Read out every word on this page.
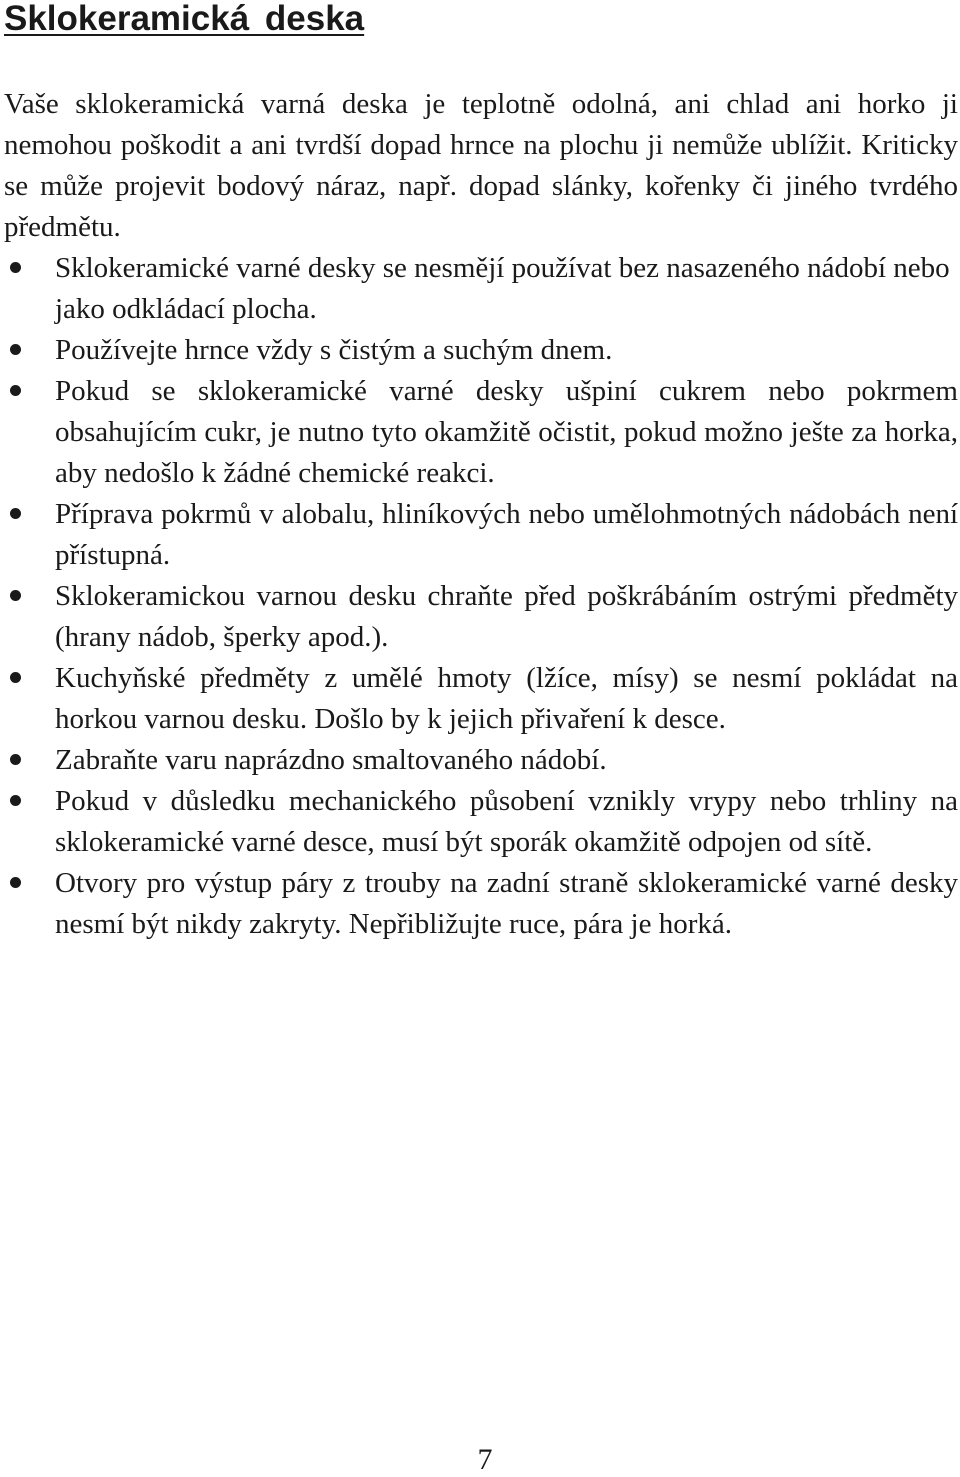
Sklokeramická deska

Vaše sklokeramická varná deska je teplotně odolná, ani chlad ani horko ji nemohou poškodit a ani tvrdší dopad hrnce na plochu ji nemůže ublížit. Kriticky se může projevit bodový náraz, např. dopad slánky, kořenky či jiného tvrdého předmětu.

Sklokeramické varné desky se nesmějí používat bez nasazeného nádobí nebo jako odkládací plocha.
Používejte hrnce vždy s čistým a suchým dnem.
Pokud se sklokeramické varné desky ušpiní cukrem nebo pokrmem obsahujícím cukr, je nutno tyto okamžitě očistit, pokud možno ješte za horka, aby nedošlo k žádné chemické reakci.
Příprava pokrmů v alobalu, hliníkových nebo umělohmotných nádobách není přístupná.
Sklokeramickou varnou desku chraňte před poškrábáním ostrými předměty (hrany nádob, šperky apod.).
Kuchyňské předměty z umělé hmoty (lžíce, mísy) se nesmí pokládat na horkou varnou desku. Došlo by k jejich přivaření k desce.
Zabraňte varu naprázdno smaltovaného nádobí.
Pokud v důsledku mechanického působení vznikly vrypy nebo trhliny na sklokeramické varné desce, musí být sporák okamžitě odpojen od sítě.
Otvory pro výstup páry z trouby na zadní straně sklokeramické varné desky nesmí být nikdy zakryty. Nepřibližujte ruce, pára je horká.
7
